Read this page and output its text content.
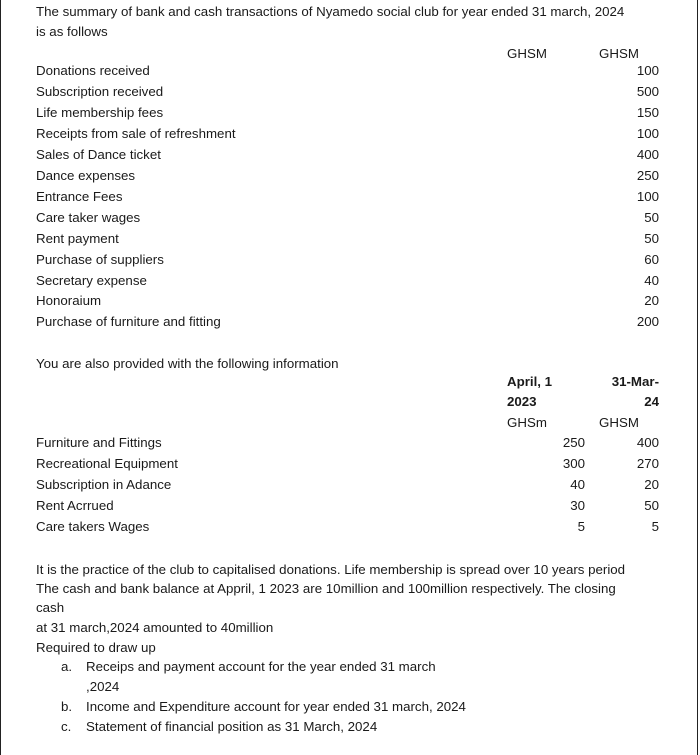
The summary of bank and cash transactions of Nyamedo social club for year ended 31 march, 2024
is as follows
GHSM	GHSM
Donations received	100
Subscription received	500
Life membership fees	150
Receipts from sale of refreshment	100
Sales of Dance ticket	400
Dance expenses	250
Entrance Fees	100
Care taker wages	50
Rent payment	50
Purchase of suppliers	60
Secretary expense	40
Honoraium	20
Purchase of furniture and fitting	200
You are also provided with the following information
April, 1
2023
GHSm
31-Mar-
24
GHSM
Furniture and Fittings	250	400
Recreational Equipment	300	270
Subscription in Adance	40	20
Rent Acrrued	30	50
Care takers Wages	5	5
It is the practice of the club to capitalised donations. Life membership is spread over 10 years period
The cash and bank balance at Appril, 1 2023 are 10million and 100million respectively. The closing
cash
at 31 march,2024 amounted to 40million
Required to draw up
a. Receips and payment account for the year ended 31 march
,2024
b. Income and Expenditure account for year ended 31 march, 2024
c. Statement of financial position as 31 March, 2024
